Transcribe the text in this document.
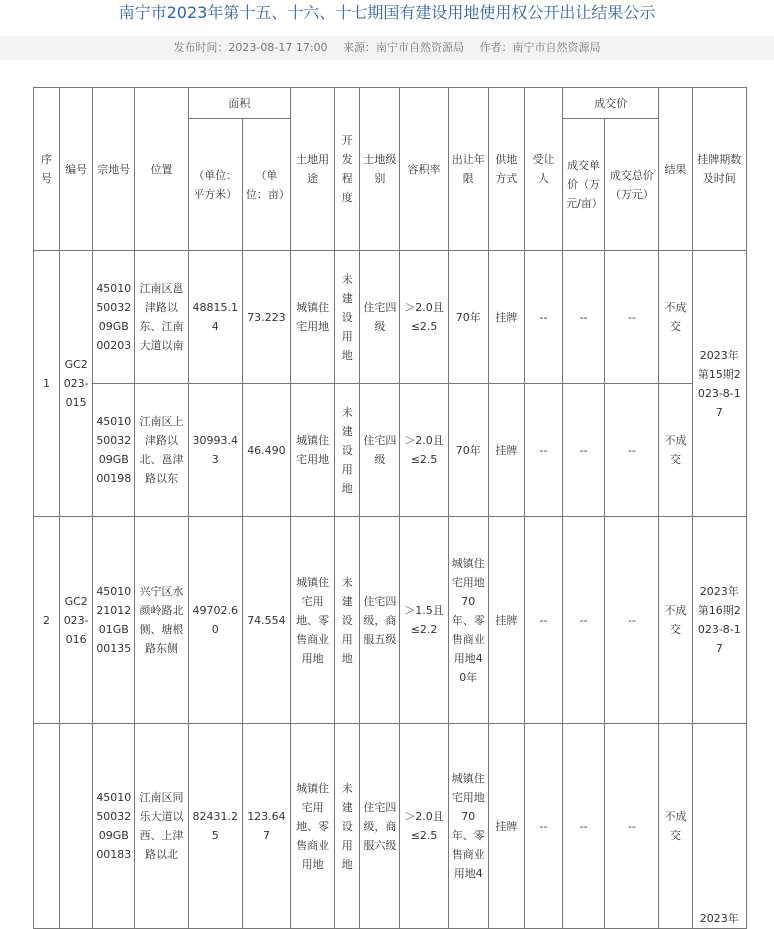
南宁市2023年第十五、十六、十七期国有建设用地使用权公开出让结果公示
发布时间：2023-08-17 17:00 来源：南宁市自然资源局 作者：南宁市自然资源局
序号	编号	宗地号	位置	面积		土地用途	开发程度	土地级别	容积率	出让年限	供地方式	受让人	成交价		结果	挂牌期数及时间
				（单位：平方米）	（单位：亩）								成交单价（万元/亩）	成交总价（万元）		
1	GC2023-015	450105003209GB00203	江南区邕津路以东、江南大道以南	48815.14	73.223	城镇住宅用地	未建设用地	住宅四级	＞2.0且≤2.5	70年	挂牌	--	--	--	不成交	2023年第15期2023-8-17
		450105003209GB00198	江南区上津路以北、邕津路以东	30993.43	46.490	城镇住宅用地	未建设用地	住宅四级	＞2.0且≤2.5	70年	挂牌	--	--	--	不成交	
2	GC2023-016	450102101201GB00135	兴宁区水颜岭路北侧、塘根路东侧	49702.60	74.554	城镇住宅用地、零售商业用地	未建设用地	住宅四级，商服五级	＞1.5且≤2.2	城镇住宅用地70年、零售商业用地40年	挂牌	--	--	--	不成交	2023年第16期2023-8-17
		450105003209GB00183	江南区同乐大道以西、上津路以北	82431.25	123.647	城镇住宅用地、零售商业用地	未建设用地	住宅四级，商服六级	＞2.0且≤2.5	城镇住宅用地70年、零售商业用地4	挂牌	--	--	--	不成交	2023年
